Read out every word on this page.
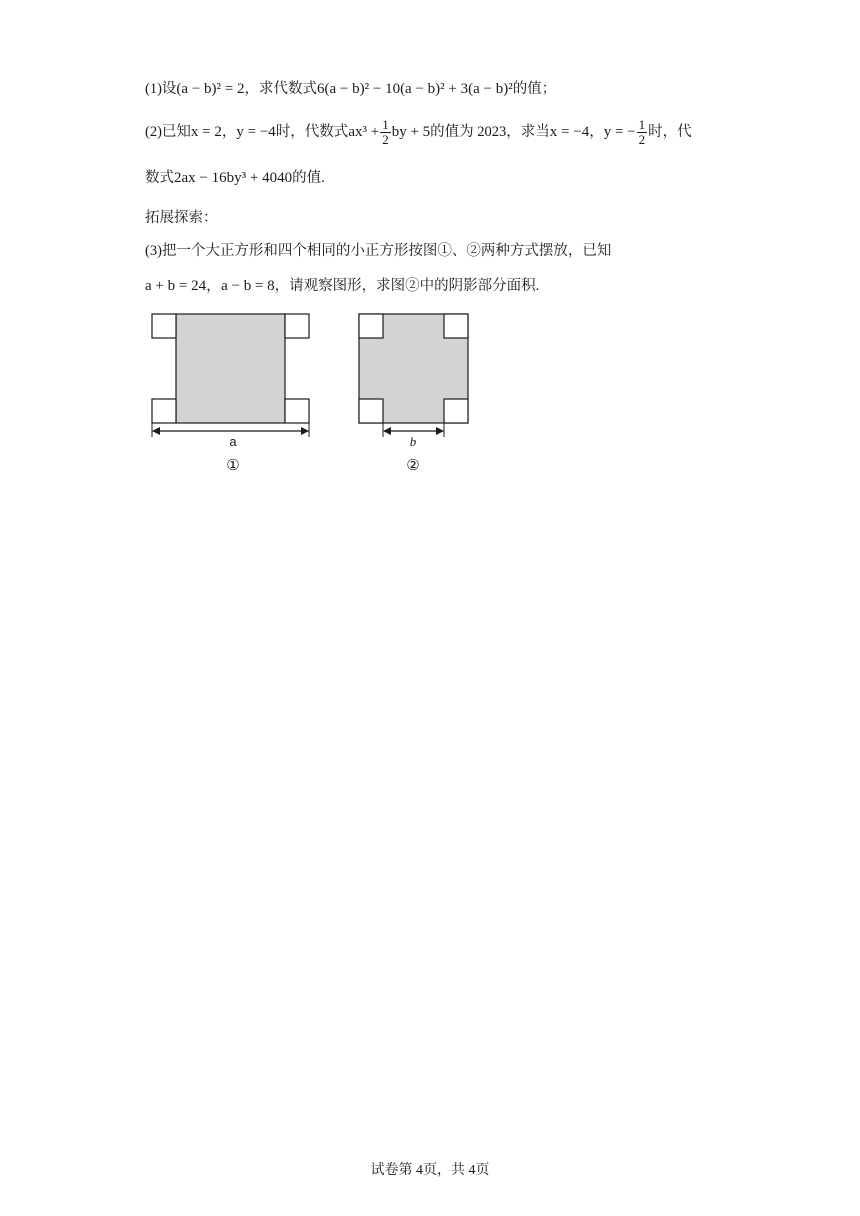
(1)设(a − b)² = 2，求代数式6(a − b)² − 10(a − b)² + 3(a − b)²的值；
(2)已知x = 2，y = −4时，代数式$ax^3 + \frac{1}{2}$ by + 5的值为 2023，求当x = −4，y = − $\frac{1}{2}$ 时，代
数式2ax − 16by³ + 4040的值.
拓展探索：
(3)把一个大正方形和四个相同的小正方形按图①、②两种方式摆放，已知
a + b = 24，a − b = 8，请观察图形，求图②中的阴影部分面积.
a
①
b
②
试卷第 4页，共 4页
